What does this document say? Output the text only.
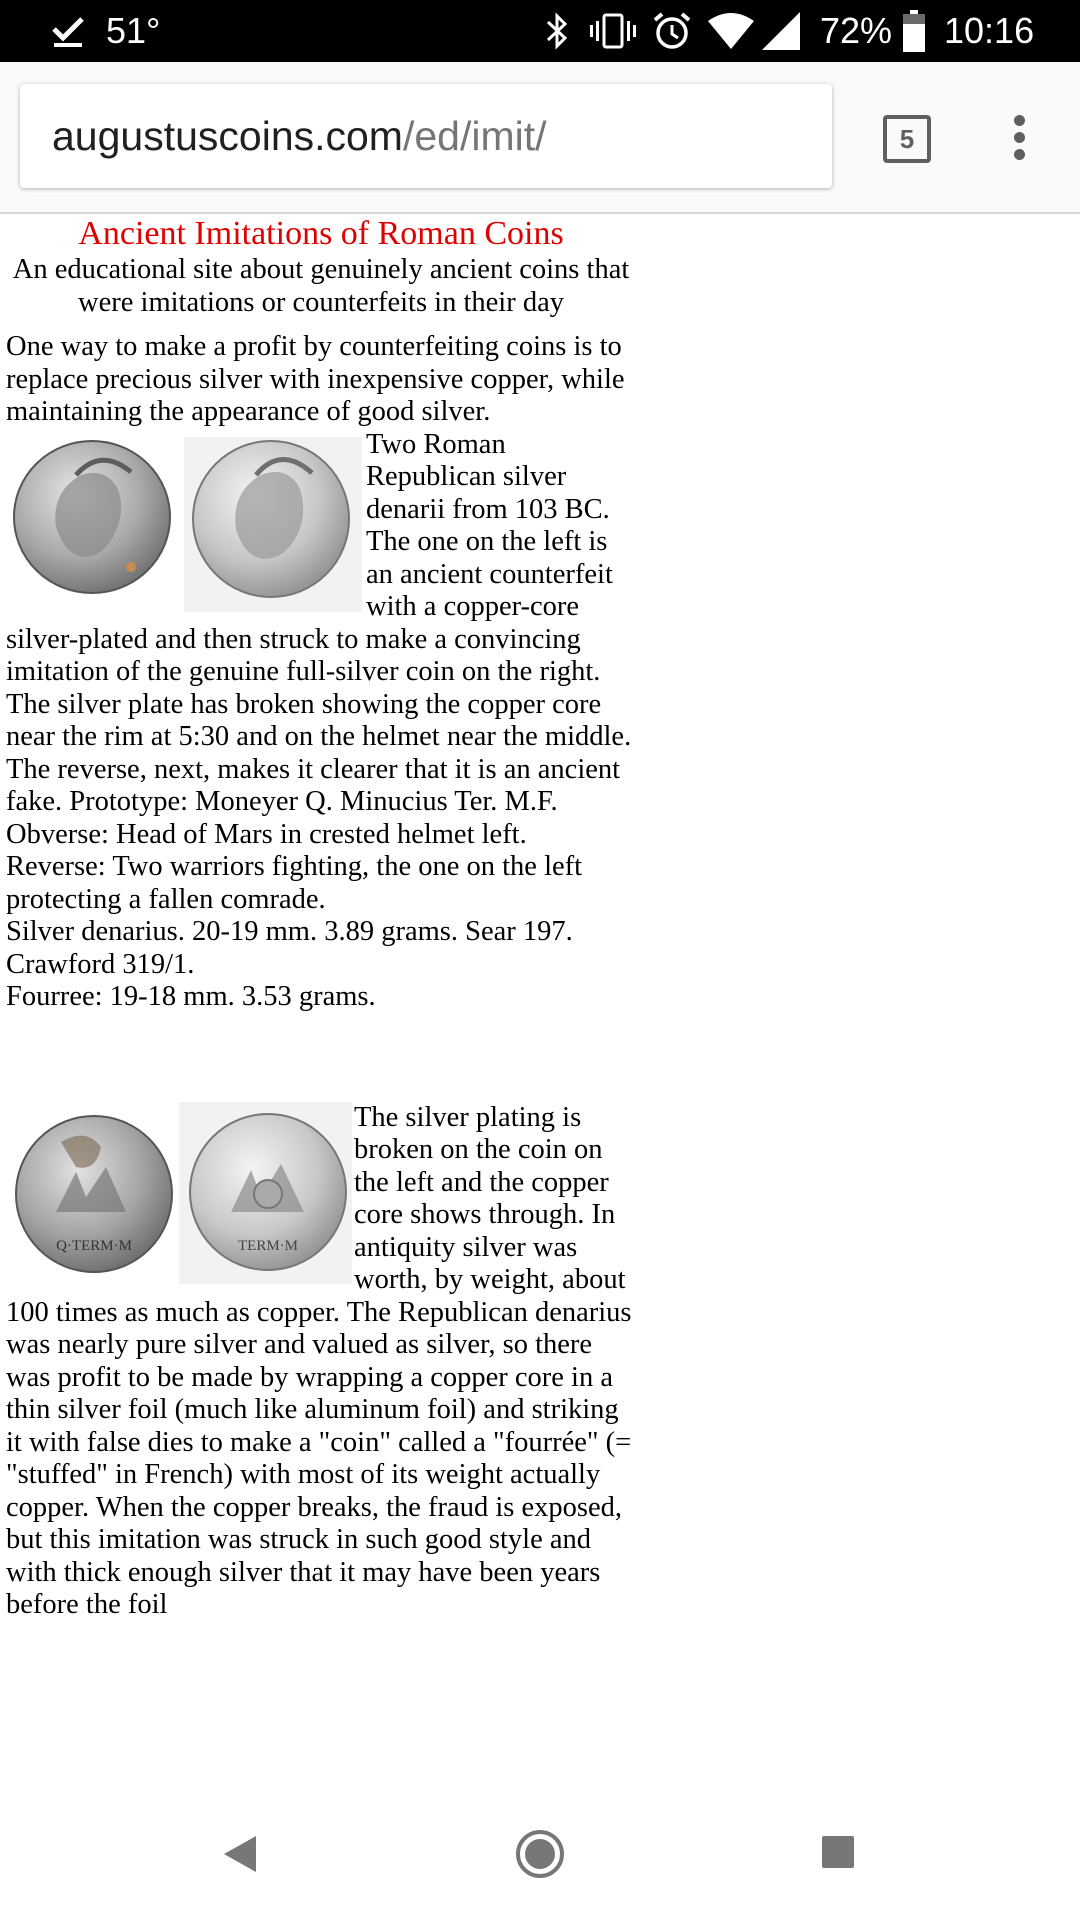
51°	72% 10:16
augustuscoins.com/ed/imit/	5
Ancient Imitations of Roman Coins
An educational site about genuinely ancient coins that were imitations or counterfeits in their day

One way to make a profit by counterfeiting coins is to replace precious silver with inexpensive copper, while maintaining the appearance of good silver.

Two Roman Republican silver denarii from 103 BC. The one on the left is an ancient counterfeit with a copper-core silver-plated and then struck to make a convincing imitation of the genuine full-silver coin on the right. The silver plate has broken showing the copper core near the rim at 5:30 and on the helmet near the middle. The reverse, next, makes it clearer that it is an ancient fake. Prototype: Moneyer Q. Minucius Ter. M.F.

Obverse: Head of Mars in crested helmet left.
Reverse: Two warriors fighting, the one on the left protecting a fallen comrade.
Silver denarius. 20-19 mm. 3.89 grams. Sear 197. Crawford 319/1.
Fourree: 19-18 mm. 3.53 grams.
Q·TERM·M	TERM·M

The silver plating is broken on the coin on the left and the copper core shows through. In antiquity silver was worth, by weight, about 100 times as much as copper. The Republican denarius was nearly pure silver and valued as silver, so there was profit to be made by wrapping a copper core in a thin silver foil (much like aluminum foil) and striking it with false dies to make a "coin" called a "fourrée" (= "stuffed" in French) with most of its weight actually copper. When the copper breaks, the fraud is exposed, but this imitation was struck in such good style and with thick enough silver that it may have been years before the foil
